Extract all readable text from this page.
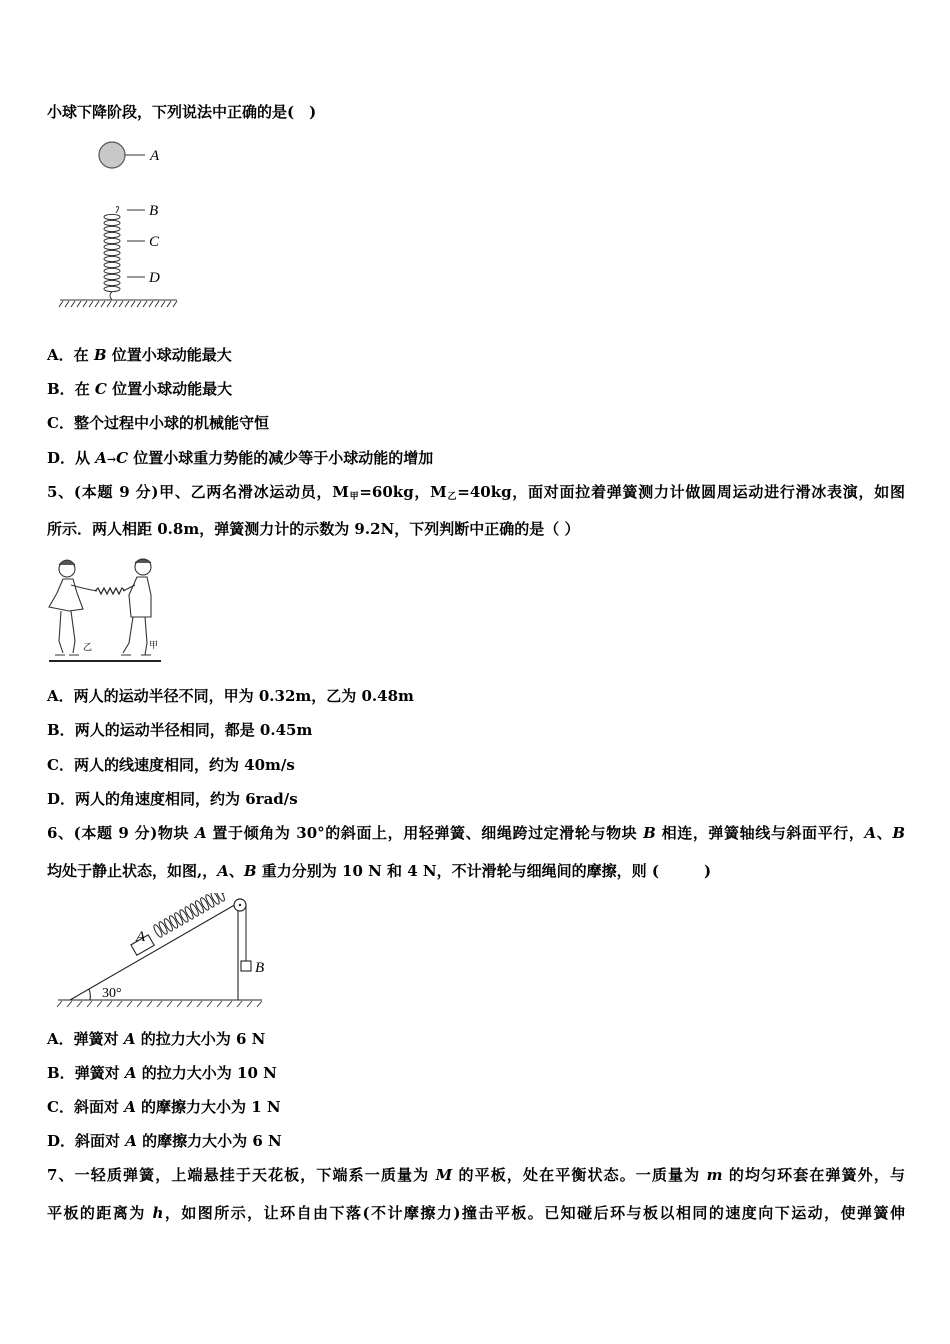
小球下降阶段，下列说法中正确的是(　)
A
B
C
D
A．在 B 位置小球动能最大
B．在 C 位置小球动能最大
C．整个过程中小球的机械能守恒
D．从 A→C 位置小球重力势能的减少等于小球动能的增加
5、(本题 9 分)甲、乙两名滑冰运动员，$M_甲=60kg$，$M_乙=40kg$，面对面拉着弹簧测力计做圆周运动进行滑冰表演，如图
所示．两人相距 0.8m，弹簧测力计的示数为 9.2N，下列判断中正确的是（ ）
乙	甲
A．两人的运动半径不同，甲为 0.32m，乙为 0.48m
B．两人的运动半径相同，都是 0.45m
C．两人的线速度相同，约为 40m/s
D．两人的角速度相同，约为 6rad/s
6、(本题 9 分)物块 A 置于倾角为 30°的斜面上，用轻弹簧、细绳跨过定滑轮与物块 B 相连，弹簧轴线与斜面平行，A、B
均处于静止状态，如图,，A、B 重力分别为 10 N 和 4 N，不计滑轮与细绳间的摩擦，则 (　　　)
30°
A
B
A．弹簧对 A 的拉力大小为 6 N
B．弹簧对 A 的拉力大小为 10 N
C．斜面对 A 的摩擦力大小为 1 N
D．斜面对 A 的摩擦力大小为 6 N
7、一轻质弹簧，上端悬挂于天花板，下端系一质量为 M 的平板，处在平衡状态。一质量为 m 的均匀环套在弹簧外，与
平板的距离为 h，如图所示，让环自由下落(不计摩擦力)撞击平板。已知碰后环与板以相同的速度向下运动，使弹簧伸
